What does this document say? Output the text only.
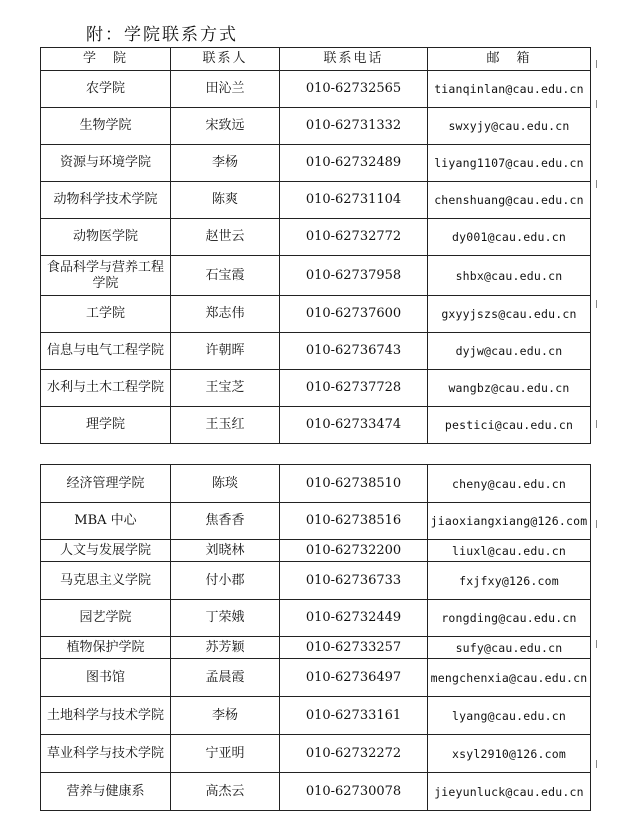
附：学院联系方式
学　院	联系人	联系电话	邮　箱
农学院	田沁兰	010-62732565	tianqinlan@cau.edu.cn
生物学院	宋致远	010-62731332	swxyjy@cau.edu.cn
资源与环境学院	李杨	010-62732489	liyang1107@cau.edu.cn
动物科学技术学院	陈爽	010-62731104	chenshuang@cau.edu.cn
动物医学院	赵世云	010-62732772	dy001@cau.edu.cn
食品科学与营养工程学院	石宝霞	010-62737958	shbx@cau.edu.cn
工学院	郑志伟	010-62737600	gxyyjszs@cau.edu.cn
信息与电气工程学院	许朝晖	010-62736743	dyjw@cau.edu.cn
水利与土木工程学院	王宝芝	010-62737728	wangbz@cau.edu.cn
理学院	王玉红	010-62733474	pestici@cau.edu.cn
经济管理学院	陈琰	010-62738510	cheny@cau.edu.cn
MBA 中心	焦香香	010-62738516	jiaoxiangxiang@126.com
人文与发展学院	刘晓林	010-62732200	liuxl@cau.edu.cn
马克思主义学院	付小郡	010-62736733	fxjfxy@126.com
园艺学院	丁荣娥	010-62732449	rongding@cau.edu.cn
植物保护学院	苏芳颖	010-62733257	sufy@cau.edu.cn
图书馆	孟晨霞	010-62736497	mengchenxia@cau.edu.cn
土地科学与技术学院	李杨	010-62733161	lyang@cau.edu.cn
草业科学与技术学院	宁亚明	010-62732272	xsyl2910@126.com
营养与健康系	高杰云	010-62730078	jieyunluck@cau.edu.cn
